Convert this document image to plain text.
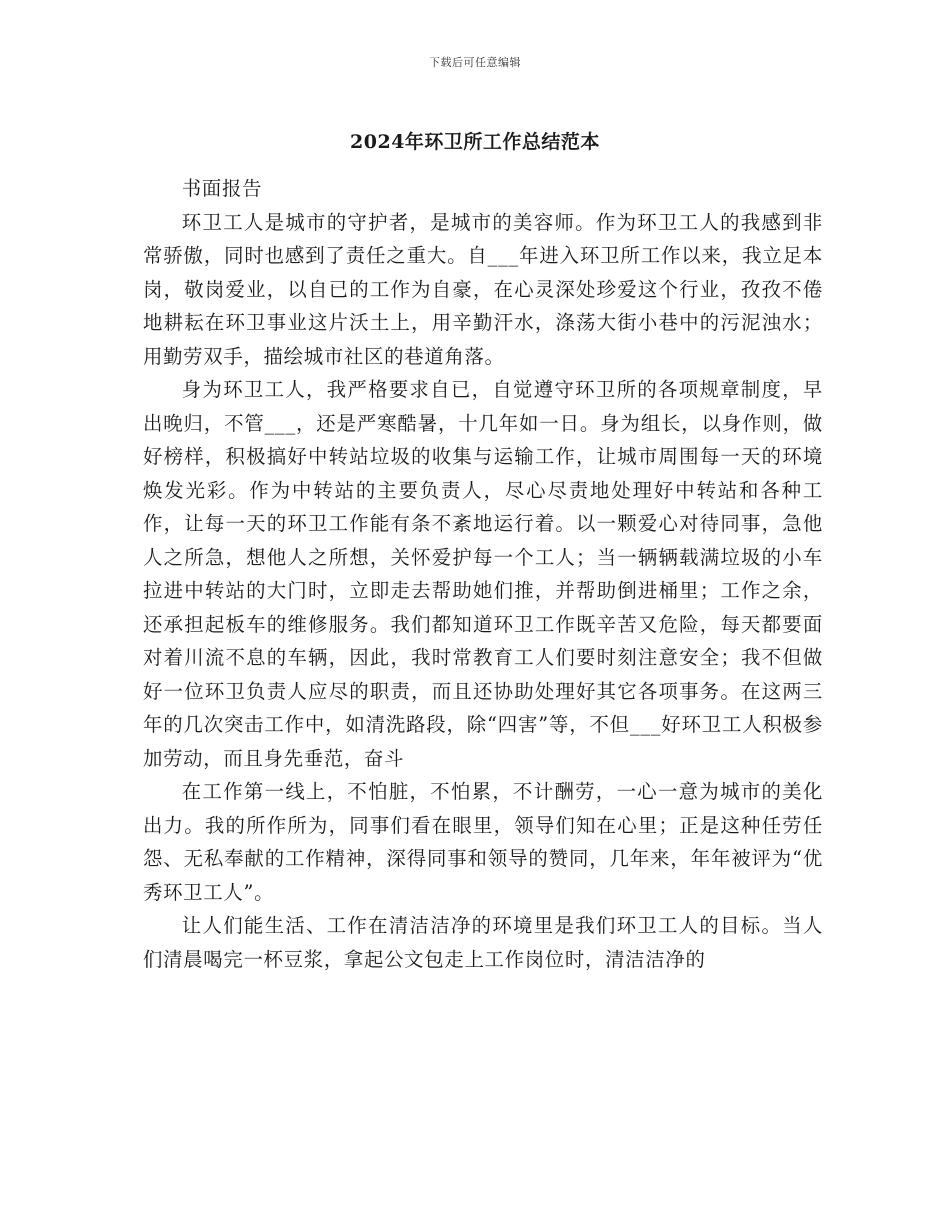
下载后可任意编辑
2024年环卫所工作总结范本

书面报告

环卫工人是城市的守护者，是城市的美容师。作为环卫工人的我感到非常骄傲，同时也感到了责任之重大。自___年进入环卫所工作以来，我立足本岗，敬岗爱业，以自已的工作为自豪，在心灵深处珍爱这个行业，孜孜不倦地耕耘在环卫事业这片沃土上，用辛勤汗水，涤荡大街小巷中的污泥浊水；用勤劳双手，描绘城市社区的巷道角落。

身为环卫工人，我严格要求自已，自觉遵守环卫所的各项规章制度，早出晚归，不管___，还是严寒酷暑，十几年如一日。身为组长，以身作则，做好榜样，积极搞好中转站垃圾的收集与运输工作，让城市周围每一天的环境焕发光彩。作为中转站的主要负责人，尽心尽责地处理好中转站和各种工作，让每一天的环卫工作能有条不紊地运行着。以一颗爱心对待同事，急他人之所急，想他人之所想，关怀爱护每一个工人；当一辆辆载满垃圾的小车拉进中转站的大门时，立即走去帮助她们推，并帮助倒进桶里；工作之余，还承担起板车的维修服务。我们都知道环卫工作既辛苦又危险，每天都要面对着川流不息的车辆，因此，我时常教育工人们要时刻注意安全；我不但做好一位环卫负责人应尽的职责，而且还协助处理好其它各项事务。在这两三年的几次突击工作中，如清洗路段，除“四害”等，不但___好环卫工人积极参加劳动，而且身先垂范，奋斗

在工作第一线上，不怕脏，不怕累，不计酬劳，一心一意为城市的美化出力。我的所作所为，同事们看在眼里，领导们知在心里；正是这种任劳任怨、无私奉献的工作精神，深得同事和领导的赞同，几年来，年年被评为“优秀环卫工人”。

让人们能生活、工作在清洁洁净的环境里是我们环卫工人的目标。当人们清晨喝完一杯豆浆，拿起公文包走上工作岗位时，清洁洁净的
